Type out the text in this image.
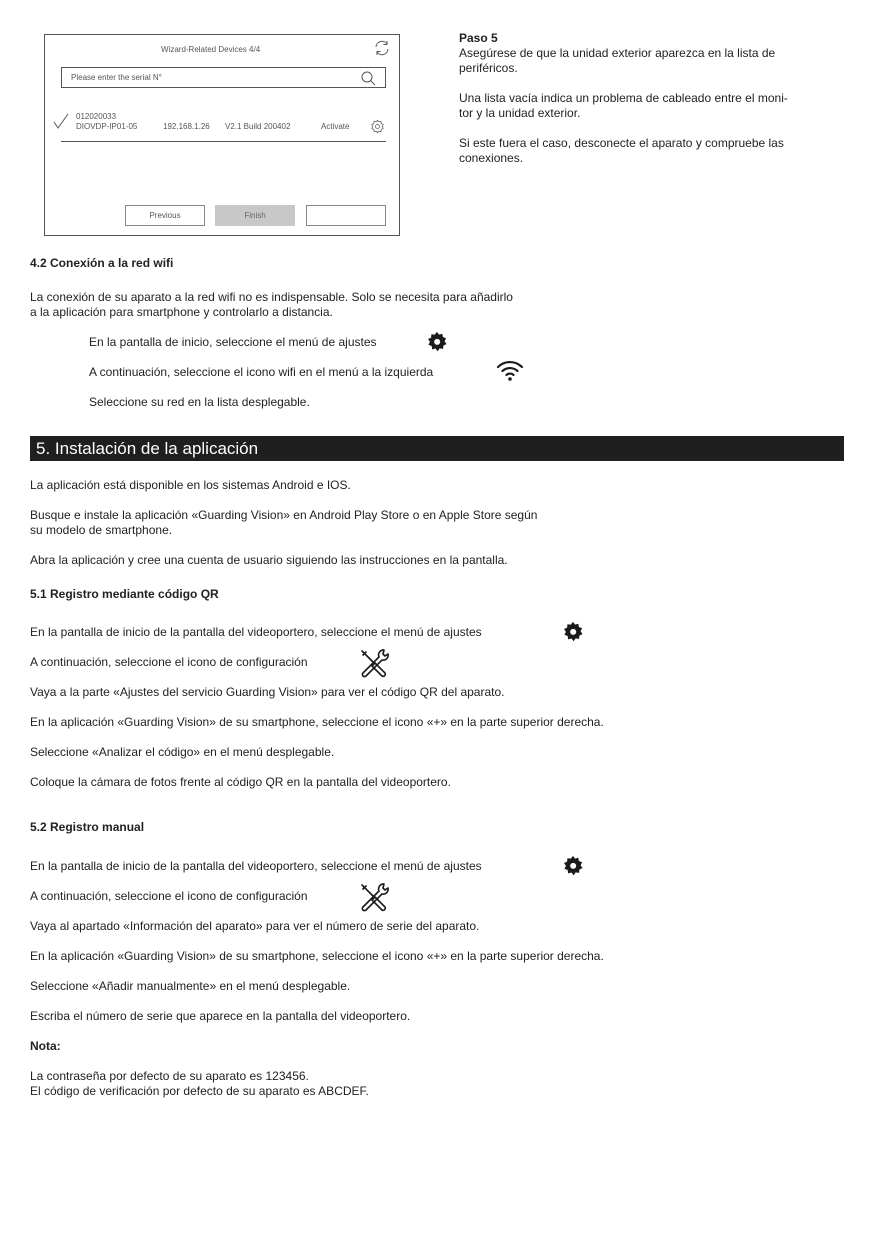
Wizard-Related Devices 4/4
Please enter the serial N°
012020033
DIOVDP-IP01-05	192.168.1.26 V2.1 Build 200402	Activate
Previous	Finish
Paso 5
Asegúrese de que la unidad exterior aparezca en la lista de
periféricos.
Una lista vacía indica un problema de cableado entre el moni-
tor y la unidad exterior.
Si este fuera el caso, desconecte el aparato y compruebe las
conexiones.
4.2 Conexión a la red wifi
La conexión de su aparato a la red wifi no es indispensable. Solo se necesita para añadirlo
a la aplicación para smartphone y controlarlo a distancia.
En la pantalla de inicio, seleccione el menú de ajustes
A continuación, seleccione el icono wifi en el menú a la izquierda
Seleccione su red en la lista desplegable.
5. Instalación de la aplicación
La aplicación está disponible en los sistemas Android e IOS.
Busque e instale la aplicación «Guarding Vision» en Android Play Store o en Apple Store según
su modelo de smartphone.
Abra la aplicación y cree una cuenta de usuario siguiendo las instrucciones en la pantalla.
5.1 Registro mediante código QR
En la pantalla de inicio de la pantalla del videoportero, seleccione el menú de ajustes
A continuación, seleccione el icono de configuración
Vaya a la parte «Ajustes del servicio Guarding Vision» para ver el código QR del aparato.
En la aplicación «Guarding Vision» de su smartphone, seleccione el icono «+» en la parte superior derecha.
Seleccione «Analizar el código» en el menú desplegable.
Coloque la cámara de fotos frente al código QR en la pantalla del videoportero.
5.2 Registro manual
En la pantalla de inicio de la pantalla del videoportero, seleccione el menú de ajustes
A continuación, seleccione el icono de configuración
Vaya al apartado «Información del aparato» para ver el número de serie del aparato.
En la aplicación «Guarding Vision» de su smartphone, seleccione el icono «+» en la parte superior derecha.
Seleccione «Añadir manualmente» en el menú desplegable.
Escriba el número de serie que aparece en la pantalla del videoportero.
Nota:
La contraseña por defecto de su aparato es 123456.
El código de verificación por defecto de su aparato es ABCDEF.
